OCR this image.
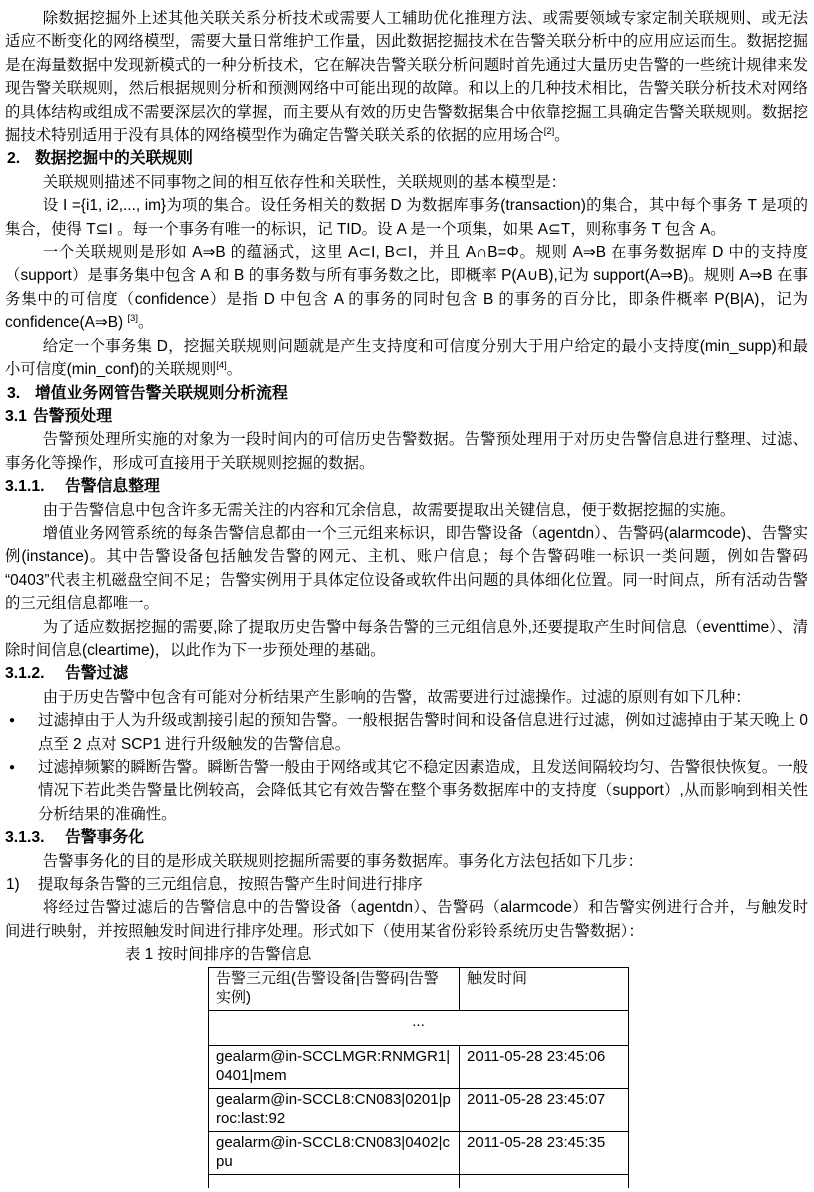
除数据挖掘外上述其他关联关系分析技术或需要人工辅助优化推理方法、或需要领域专家定制关联规则、或无法适应不断变化的网络模型，需要大量日常维护工作量，因此数据挖掘技术在告警关联分析中的应用应运而生。数据挖掘是在海量数据中发现新模式的一种分析技术，它在解决告警关联分析问题时首先通过大量历史告警的一些统计规律来发现告警关联规则，然后根据规则分析和预测网络中可能出现的故障。和以上的几种技术相比，告警关联分析技术对网络的具体结构或组成不需要深层次的掌握，而主要从有效的历史告警数据集合中依靠挖掘工具确定告警关联规则。数据挖掘技术特别适用于没有具体的网络模型作为确定告警关联关系的依据的应用场合[2]。

2. 数据挖掘中的关联规则

关联规则描述不同事物之间的相互依存性和关联性，关联规则的基本模型是：

设 I ={i1, i2,..., im}为项的集合。设任务相关的数据 D 为数据库事务(transaction)的集合，其中每个事务 T 是项的集合，使得 T⊆I 。每一个事务有唯一的标识，记 TID。设 A 是一个项集，如果 A⊆T，则称事务 T 包含 A。

一个关联规则是形如 A⇒B 的蕴涵式，这里 A⊂I, B⊂I，并且 A∩B=Φ。规则 A⇒B 在事务数据库 D 中的支持度（support）是事务集中包含 A 和 B 的事务数与所有事务数之比，即概率 P(A∪B),记为 support(A⇒B)。规则 A⇒B 在事务集中的可信度（confidence）是指 D 中包含 A 的事务的同时包含 B 的事务的百分比，即条件概率 P(B|A)，记为 confidence(A⇒B) [3]。

给定一个事务集 D，挖掘关联规则问题就是产生支持度和可信度分别大于用户给定的最小支持度(min_supp)和最小可信度(min_conf)的关联规则[4]。

3. 增值业务网管告警关联规则分析流程
3.1 告警预处理

告警预处理所实施的对象为一段时间内的可信历史告警数据。告警预处理用于对历史告警信息进行整理、过滤、事务化等操作，形成可直接用于关联规则挖掘的数据。

3.1.1.	告警信息整理

由于告警信息中包含许多无需关注的内容和冗余信息，故需要提取出关键信息，便于数据挖掘的实施。

增值业务网管系统的每条告警信息都由一个三元组来标识，即告警设备（agentdn）、告警码(alarmcode)、告警实例(instance)。其中告警设备包括触发告警的网元、主机、账户信息；每个告警码唯一标识一类问题，例如告警码“0403”代表主机磁盘空间不足；告警实例用于具体定位设备或软件出问题的具体细化位置。同一时间点，所有活动告警的三元组信息都唯一。

为了适应数据挖掘的需要,除了提取历史告警中每条告警的三元组信息外,还要提取产生时间信息（eventtime）、清除时间信息(cleartime)，以此作为下一步预处理的基础。

3.1.2.	告警过滤

由于历史告警中包含有可能对分析结果产生影响的告警，故需要进行过滤操作。过滤的原则有如下几种：

●	过滤掉由于人为升级或割接引起的预知告警。一般根据告警时间和设备信息进行过滤，例如过滤掉由于某天晚上 0 点至 2 点对 SCP1 进行升级触发的告警信息。
●	过滤掉频繁的瞬断告警。瞬断告警一般由于网络或其它不稳定因素造成，且发送间隔较均匀、告警很快恢复。一般情况下若此类告警量比例较高，会降低其它有效告警在整个事务数据库中的支持度（support）,从而影响到相关性分析结果的准确性。
3.1.3.	告警事务化

告警事务化的目的是形成关联规则挖掘所需要的事务数据库。事务化方法包括如下几步：

1)	提取每条告警的三元组信息，按照告警产生时间进行排序

将经过告警过滤后的告警信息中的告警设备（agentdn）、告警码（alarmcode）和告警实例进行合并，与触发时间进行映射，并按照触发时间进行排序处理。形式如下（使用某省份彩铃系统历史告警数据）：

表 1 按时间排序的告警信息

告警三元组(告警设备|告警码|告警实例)	触发时间
...	
gealarm@in-SCCLMGR:RNMGR1|0401|mem	2011-05-28 23:45:06
gealarm@in-SCCL8:CN083|0201|proc:last:92	2011-05-28 23:45:07
gealarm@in-SCCL8:CN083|0402|cpu	2011-05-28 23:45:35
